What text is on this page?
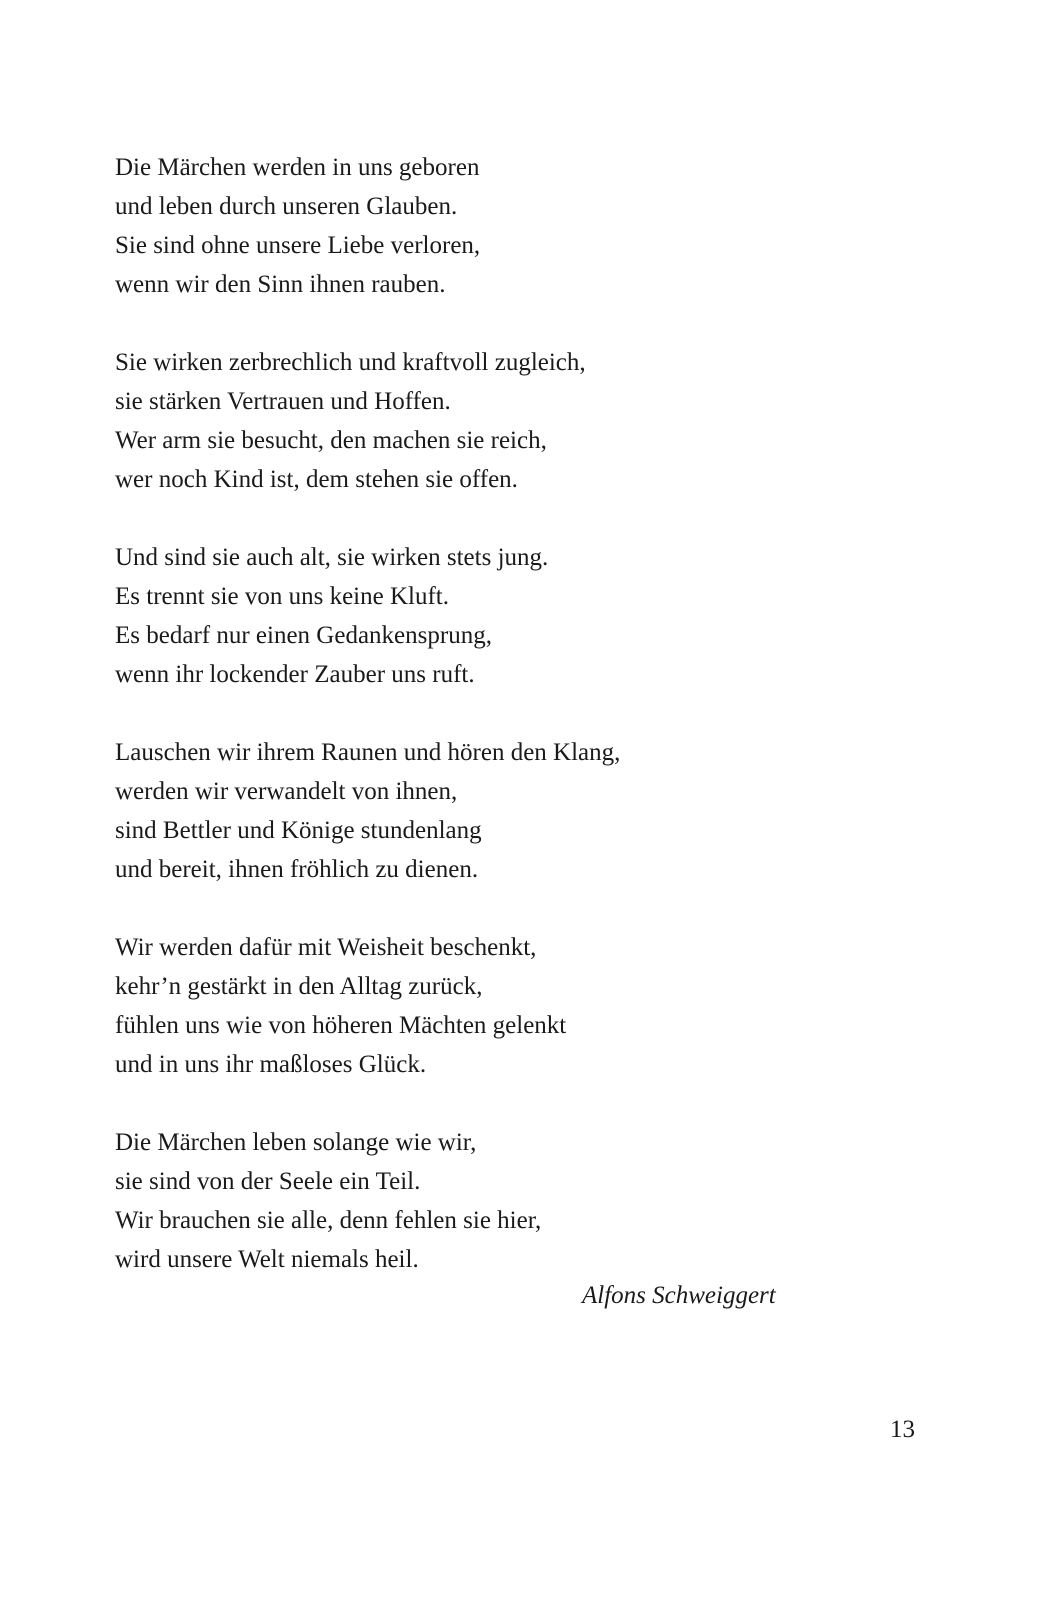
Die Märchen werden in uns geboren
und leben durch unseren Glauben.
Sie sind ohne unsere Liebe verloren,
wenn wir den Sinn ihnen rauben.
Sie wirken zerbrechlich und kraftvoll zugleich,
sie stärken Vertrauen und Hoffen.
Wer arm sie besucht, den machen sie reich,
wer noch Kind ist, dem stehen sie offen.
Und sind sie auch alt, sie wirken stets jung.
Es trennt sie von uns keine Kluft.
Es bedarf nur einen Gedankensprung,
wenn ihr lockender Zauber uns ruft.
Lauschen wir ihrem Raunen und hören den Klang,
werden wir verwandelt von ihnen,
sind Bettler und Könige stundenlang
und bereit, ihnen fröhlich zu dienen.
Wir werden dafür mit Weisheit beschenkt,
kehr’n gestärkt in den Alltag zurück,
fühlen uns wie von höheren Mächten gelenkt
und in uns ihr maßloses Glück.
Die Märchen leben solange wie wir,
sie sind von der Seele ein Teil.
Wir brauchen sie alle, denn fehlen sie hier,
wird unsere Welt niemals heil.
Alfons Schweiggert
13
